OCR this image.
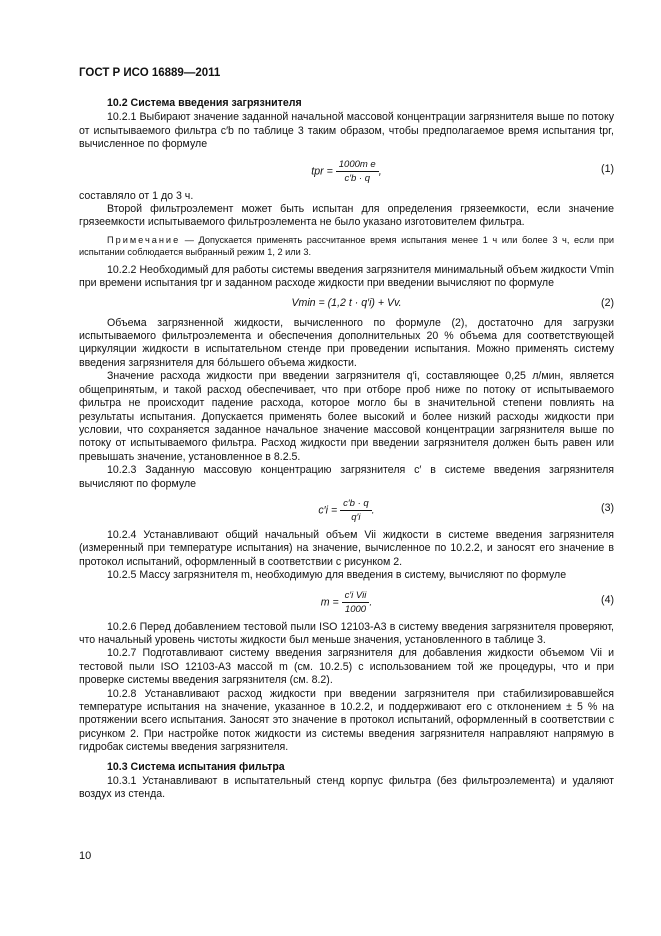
ГОСТ Р ИСО 16889—2011

10.2 Система введения загрязнителя

10.2.1 Выбирают значение заданной начальной массовой концентрации загрязнителя выше по потоку от испытываемого фильтра c′b по таблице 3 таким образом, чтобы предполагаемое время испытания tpr, вычисленное по формуле

tpr = $\frac{\text{1000m e}}{c'b \cdot q}$ ,	(1)

составляло от 1 до 3 ч.

Второй фильтроэлемент может быть испытан для определения грязеемкости, если значение грязеемкости испытываемого фильтроэлемента не было указано изготовителем фильтра.

Примечание — Допускается применять рассчитанное время испытания менее 1 ч или более 3 ч, если при испытании соблюдается выбранный режим 1, 2 или 3.

10.2.2 Необходимый для работы системы введения загрязнителя минимальный объем жидкости Vmin при времени испытания tpr и заданном расходе жидкости при введении вычисляют по формуле

Vmin = (1,2 t · q′i) + Vv.	(2)

Объема загрязненной жидкости, вычисленного по формуле (2), достаточно для загрузки испытываемого фильтроэлемента и обеспечения дополнительных 20 % объема для соответствующей циркуляции жидкости в испытательном стенде при проведении испытания. Можно применять систему введения загрязнителя для бо́льшего объема жидкости.

Значение расхода жидкости при введении загрязнителя q′i, составляющее 0,25 л/мин, является общепринятым, и такой расход обеспечивает, что при отборе проб ниже по потоку от испытываемого фильтра не происходит падение расхода, которое могло бы в значительной степени повлиять на результаты испытания. Допускается применять более высокий и более низкий расходы жидкости при условии, что сохраняется заданное начальное значение массовой концентрации загрязнителя выше по потоку от испытываемого фильтра. Расход жидкости при введении загрязнителя должен быть равен или превышать значение, установленное в 8.2.5.

10.2.3 Заданную массовую концентрацию загрязнителя c′ в системе введения загрязнителя вычисляют по формуле

$c'i = \frac{c'b \cdot q}{q'i}$ .	(3)

10.2.4 Устанавливают общий начальный объем Vii жидкости в системе введения загрязнителя (измеренный при температуре испытания) на значение, вычисленное по 10.2.2, и заносят его значение в протокол испытаний, оформленный в соответствии с рисунком 2.

10.2.5 Массу загрязнителя m, необходимую для введения в систему, вычисляют по формуле

$m = \frac{\text{c′i Vii}}{1000}$ .	(4)

10.2.6 Перед добавлением тестовой пыли ISO 12103-A3 в систему введения загрязнителя проверяют, что начальный уровень чистоты жидкости был меньше значения, установленного в таблице 3.

10.2.7 Подготавливают систему введения загрязнителя для добавления жидкости объемом Vii и тестовой пыли ISO 12103-A3 массой m (см. 10.2.5) с использованием той же процедуры, что и при проверке системы введения загрязнителя (см. 8.2).

10.2.8 Устанавливают расход жидкости при введении загрязнителя при стабилизировавшейся температуре испытания на значение, указанное в 10.2.2, и поддерживают его с отклонением ± 5 % на протяжении всего испытания. Заносят это значение в протокол испытаний, оформленный в соответствии с рисунком 2. При настройке поток жидкости из системы введения загрязнителя направляют напрямую в гидробак системы введения загрязнителя.

10.3 Система испытания фильтра

10.3.1 Устанавливают в испытательный стенд корпус фильтра (без фильтроэлемента) и удаляют воздух из стенда.

10
